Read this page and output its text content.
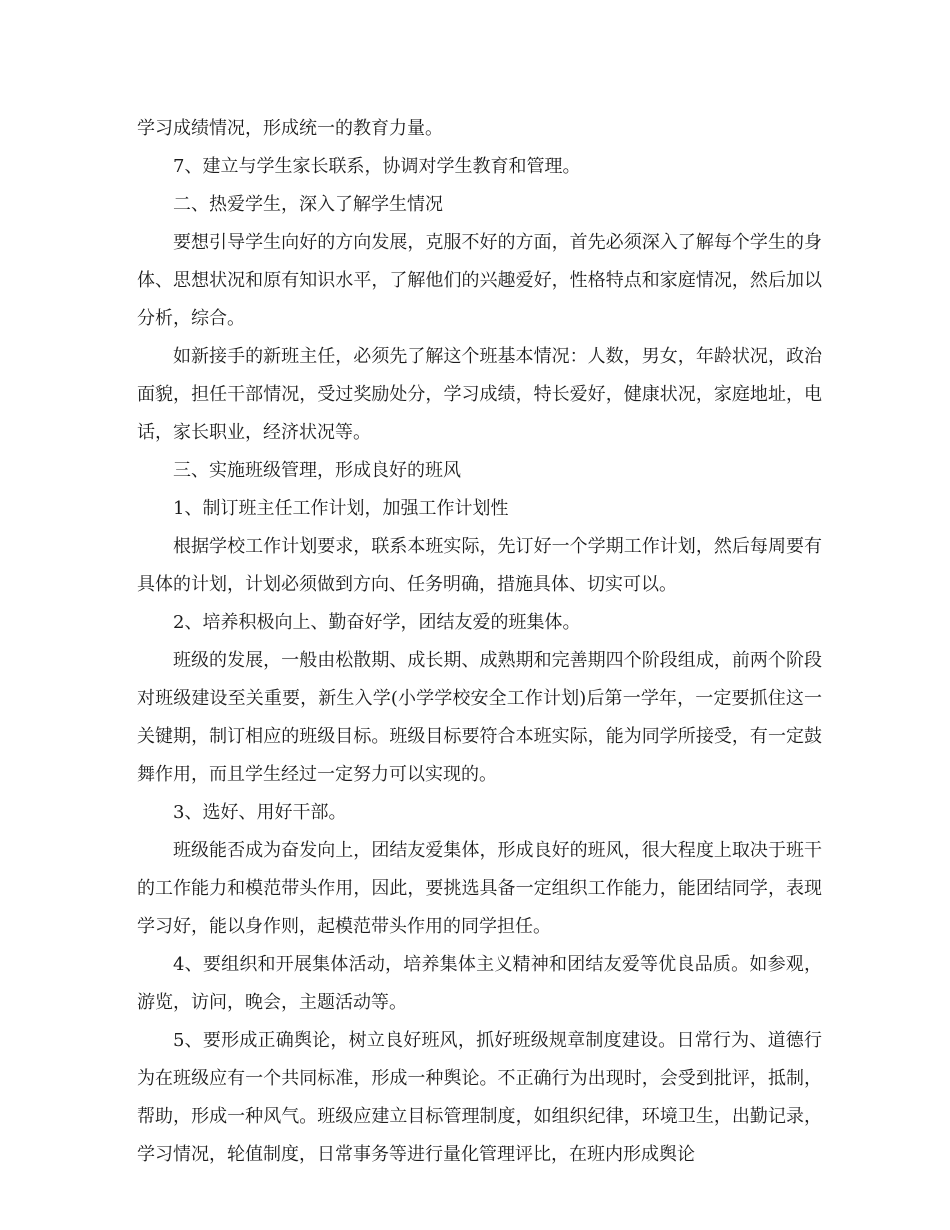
学习成绩情况，形成统一的教育力量。

7、建立与学生家长联系，协调对学生教育和管理。

二、热爱学生，深入了解学生情况

要想引导学生向好的方向发展，克服不好的方面，首先必须深入了解每个学生的身体、思想状况和原有知识水平，了解他们的兴趣爱好，性格特点和家庭情况，然后加以分析，综合。

如新接手的新班主任，必须先了解这个班基本情况：人数，男女，年龄状况，政治面貌，担任干部情况，受过奖励处分，学习成绩，特长爱好，健康状况，家庭地址，电话，家长职业，经济状况等。

三、实施班级管理，形成良好的班风

1、制订班主任工作计划，加强工作计划性

根据学校工作计划要求，联系本班实际，先订好一个学期工作计划，然后每周要有具体的计划，计划必须做到方向、任务明确，措施具体、切实可以。

2、培养积极向上、勤奋好学，团结友爱的班集体。

班级的发展，一般由松散期、成长期、成熟期和完善期四个阶段组成，前两个阶段对班级建设至关重要，新生入学(小学学校安全工作计划)后第一学年，一定要抓住这一关键期，制订相应的班级目标。班级目标要符合本班实际，能为同学所接受，有一定鼓舞作用，而且学生经过一定努力可以实现的。

3、选好、用好干部。

班级能否成为奋发向上，团结友爱集体，形成良好的班风，很大程度上取决于班干的工作能力和模范带头作用，因此，要挑选具备一定组织工作能力，能团结同学，表现学习好，能以身作则，起模范带头作用的同学担任。

4、要组织和开展集体活动，培养集体主义精神和团结友爱等优良品质。如参观，游览，访问，晚会，主题活动等。

5、要形成正确舆论，树立良好班风，抓好班级规章制度建设。日常行为、道德行为在班级应有一个共同标准，形成一种舆论。不正确行为出现时，会受到批评，抵制，帮助，形成一种风气。班级应建立目标管理制度，如组织纪律，环境卫生，出勤记录，学习情况，轮值制度，日常事务等进行量化管理评比，在班内形成舆论
